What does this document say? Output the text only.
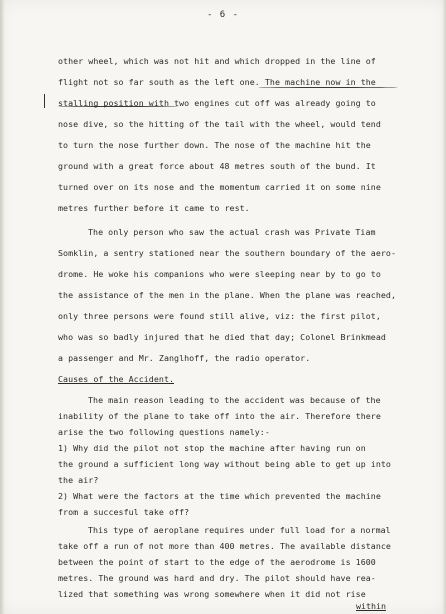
- 6 -
other wheel, which was not hit and which dropped in the line of
flight not so far south as the left one. The machine now in the
stalling position with two engines cut off was already going to
nose dive, so the hitting of the tail with the wheel, would tend
to turn the nose further down. The nose of the machine hit the
ground with a great force about 48 metres south of the bund. It
turned over on its nose and the momentum carried it on some nine
metres further before it came to rest.
The only person who saw the actual crash was Private Tiam
Somklin, a sentry stationed near the southern boundary of the aero-
drome. He woke his companions who were sleeping near by to go to
the assistance of the men in the plane. When the plane was reached,
only three persons were found still alive, viz: the first pilot,
who was so badly injured that he died that day; Colonel Brinkmead
a passenger and Mr. Zanglhoff, the radio operator.
Causes of the Accident.
The main reason leading to the accident was because of the
inability of the plane to take off into the air. Therefore there
arise the two following questions namely:-
1) Why did the pilot not stop the machine after having run on
the ground a sufficient long way without being able to get up into
the air?
2) What were the factors at the time which prevented the machine
from a succesful take off?
This type of aeroplane requires under full load for a normal
take off a run of not more than 400 metres. The available distance
between the point of start to the edge of the aerodrome is 1600
metres. The ground was hard and dry. The pilot should have rea-
lized that something was wrong somewhere when it did not rise
within
